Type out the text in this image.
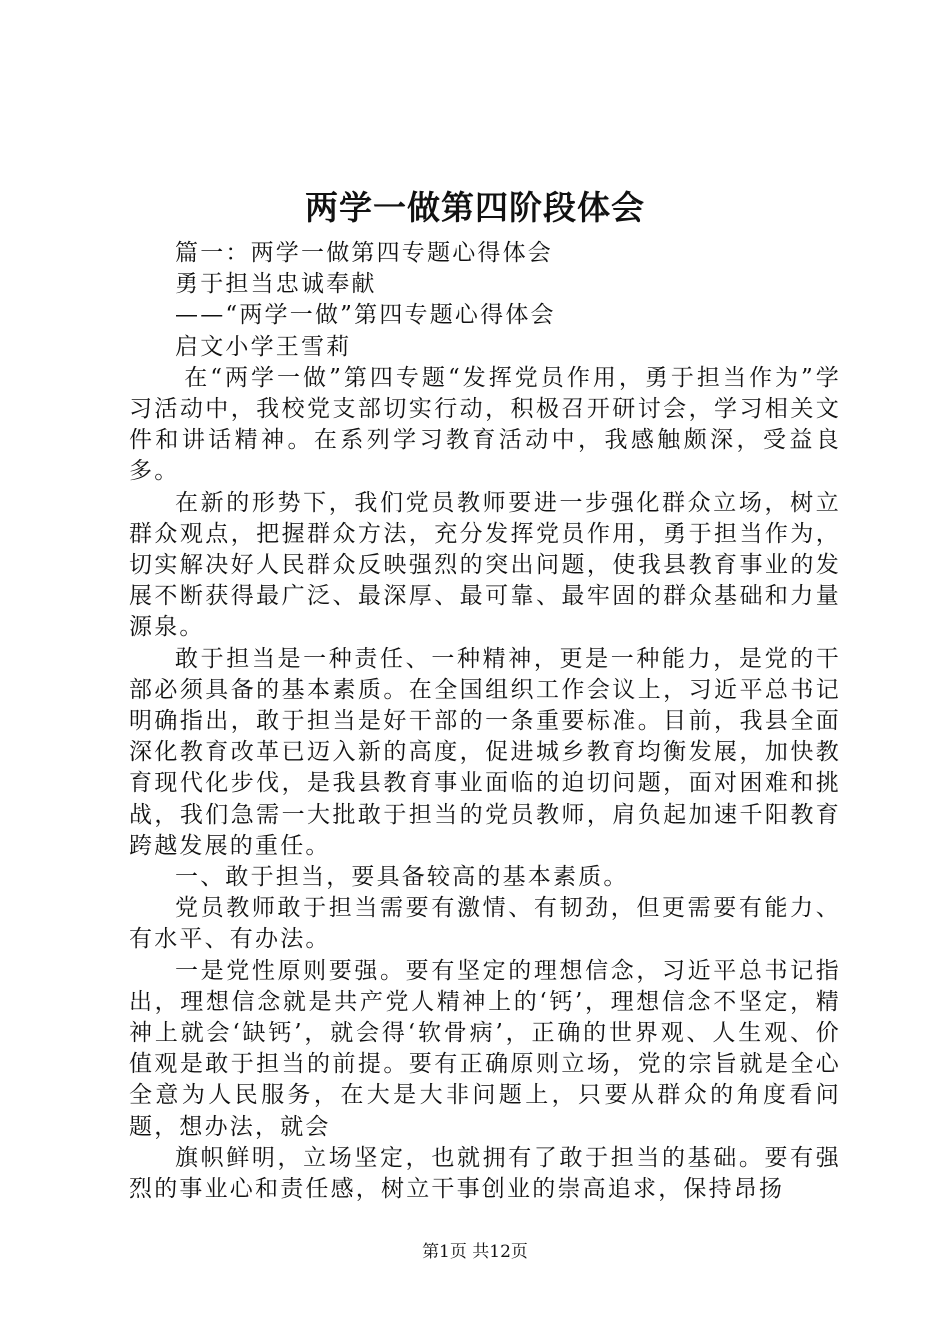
两学一做第四阶段体会

篇一：两学一做第四专题心得体会

勇于担当忠诚奉献

——“两学一做”第四专题心得体会

启文小学王雪莉

在“两学一做”第四专题“发挥党员作用，勇于担当作为”学习活动中，我校党支部切实行动，积极召开研讨会，学习相关文件和讲话精神。在系列学习教育活动中，我感触颇深，受益良多。

在新的形势下，我们党员教师要进一步强化群众立场，树立群众观点，把握群众方法，充分发挥党员作用，勇于担当作为，切实解决好人民群众反映强烈的突出问题，使我县教育事业的发展不断获得最广泛、最深厚、最可靠、最牢固的群众基础和力量源泉。

敢于担当是一种责任、一种精神，更是一种能力，是党的干部必须具备的基本素质。在全国组织工作会议上，习近平总书记明确指出，敢于担当是好干部的一条重要标准。目前，我县全面深化教育改革已迈入新的高度，促进城乡教育均衡发展，加快教育现代化步伐，是我县教育事业面临的迫切问题，面对困难和挑战，我们急需一大批敢于担当的党员教师，肩负起加速千阳教育跨越发展的重任。

一、敢于担当，要具备较高的基本素质。

党员教师敢于担当需要有激情、有韧劲，但更需要有能力、有水平、有办法。

一是党性原则要强。要有坚定的理想信念，习近平总书记指出，理想信念就是共产党人精神上的‘钙’，理想信念不坚定，精神上就会‘缺钙’，就会得‘软骨病’，正确的世界观、人生观、价值观是敢于担当的前提。要有正确原则立场，党的宗旨就是全心全意为人民服务，在大是大非问题上，只要从群众的角度看问题，想办法，就会

旗帜鲜明，立场坚定，也就拥有了敢于担当的基础。要有强烈的事业心和责任感，树立干事创业的崇高追求，保持昂扬

第1页 共12页
